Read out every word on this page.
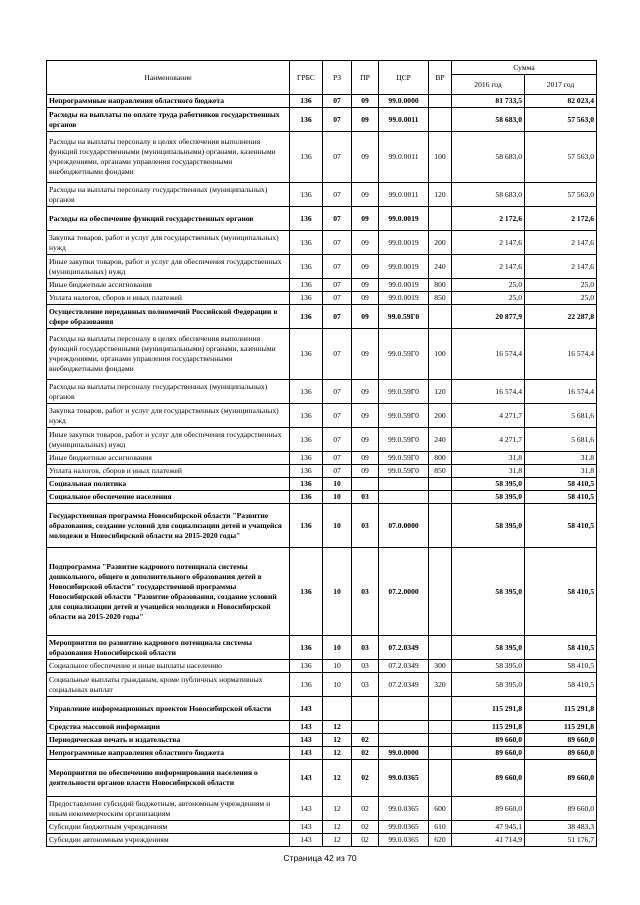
Наименование	ГРБС	РЗ	ПР	ЦСР	ВР	Сумма	
						2016 год	2017 год
Непрограммные направления областного бюджета	136	07	09	99.0.0000		81 733,5	82 023,4
Расходы на выплаты по оплате труда работников государственных органов	136	07	09	99.0.0011		58 683,0	57 563,0
Расходы на выплаты персоналу в целях обеспечения выполнения функций государственными (муниципальными) органами, казенными учреждениями, органами управления государственными внебюджетными фондами	136	07	09	99.0.0011	100	58 683,0	57 563,0
Расходы на выплаты персоналу государственных (муниципальных) органов	136	07	09	99.0.0011	120	58 683,0	57 563,0
Расходы на обеспечение функций государственных органов	136	07	09	99.0.0019		2 172,6	2 172,6
Закупка товаров, работ и услуг для государственных (муниципальных) нужд	136	07	09	99.0.0019	200	2 147,6	2 147,6
Иные закупки товаров, работ и услуг для обеспечения государственных (муниципальных) нужд	136	07	09	99.0.0019	240	2 147,6	2 147,6
Иные бюджетные ассигнования	136	07	09	99.0.0019	800	25,0	25,0
Уплата налогов, сборов и иных платежей	136	07	09	99.0.0019	850	25,0	25,0
Осуществление переданных полномочий Российской Федерации в сфере образования	136	07	09	99.0.59Г0		20 877,9	22 287,8
Расходы на выплаты персоналу в целях обеспечения выполнения функций государственными (муниципальными) органами, казенными учреждениями, органами управления государственными внебюджетными фондами	136	07	09	99.0.59Г0	100	16 574,4	16 574,4
Расходы на выплаты персоналу государственных (муниципальных) органов	136	07	09	99.0.59Г0	120	16 574,4	16 574,4
Закупка товаров, работ и услуг для государственных (муниципальных) нужд	136	07	09	99.0.59Г0	200	4 271,7	5 681,6
Иные закупки товаров, работ и услуг для обеспечения государственных (муниципальных) нужд	136	07	09	99.0.59Г0	240	4 271,7	5 681,6
Иные бюджетные ассигнования	136	07	09	99.0.59Г0	800	31,8	31,8
Уплата налогов, сборов и иных платежей	136	07	09	99.0.59Г0	850	31,8	31,8
Социальная политика	136	10				58 395,0	58 410,5
Социальное обеспечение населения	136	10	03			58 395,0	58 410,5
Государственная программа Новосибирской области "Развитие образования, создание условий для социализации детей и учащейся молодежи в Новосибирской области на 2015-2020 годы"	136	10	03	07.0.0000		58 395,0	58 410,5
Подпрограмма "Развитие кадрового потенциала системы дошкольного, общего и дополнительного образования детей в Новосибирской области" государственной программы Новосибирской области "Развитие образования, создание условий для социализации детей и учащейся молодежи в Новосибирской области на 2015-2020 годы"	136	10	03	07.2.0000		58 395,0	58 410,5
Мероприятия по развитию кадрового потенциала системы образования Новосибирской области	136	10	03	07.2.0349		58 395,0	58 410,5
Социальное обеспечение и иные выплаты населению	136	10	03	07.2.0349	300	58 395,0	58 410,5
Социальные выплаты гражданам, кроме публичных нормативных социальных выплат	136	10	03	07.2.0349	320	58 395,0	58 410,5
Управление информационных проектов Новосибирской области	143					115 291,8	115 291,8
Средства массовой информации	143	12				115 291,8	115 291,8
Периодическая печать и издательства	143	12	02			89 660,0	89 660,0
Непрограммные направления областного бюджета	143	12	02	99.0.0000		89 660,0	89 660,0
Мероприятия по обеспечению информирования населения о деятельности органов власти Новосибирской области	143	12	02	99.0.0365		89 660,0	89 660,0
Предоставление субсидий бюджетным, автономным учреждениям и иным некоммерческим организациям	143	12	02	99.0.0365	600	89 660,0	89 660,0
Субсидии бюджетным учреждениям	143	12	02	99.0.0365	610	47 945,1	38 483,3
Субсидии автономным учреждениям	143	12	02	99.0.0365	620	41 714,9	51 176,7
Страница 42 из 70
